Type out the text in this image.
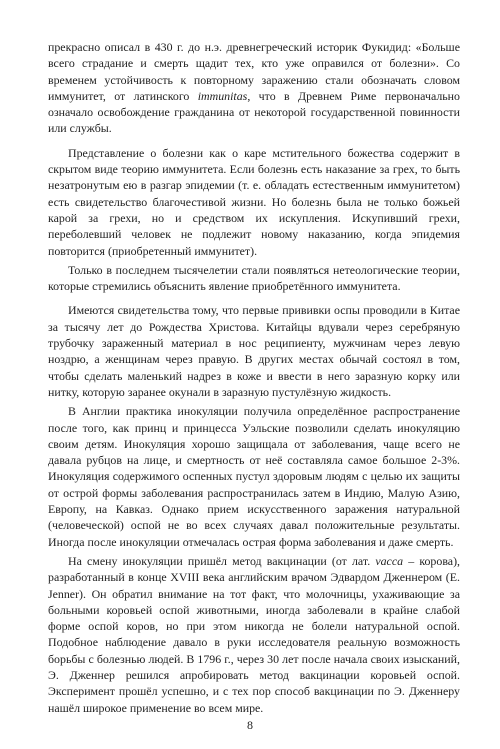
прекрасно описал в 430 г. до н.э. древнегреческий историк Фукидид: «Больше всего страдание и смерть щадит тех, кто уже оправился от болезни». Со временем устойчивость к повторному заражению стали обозначать словом иммунитет, от латинского immunitas, что в Древнем Риме первоначально означало освобождение гражданина от некоторой государственной повинности или службы.

Представление о болезни как о каре мстительного божества содержит в скрытом виде теорию иммунитета. Если болезнь есть наказание за грех, то быть незатронутым ею в разгар эпидемии (т. е. обладать естественным иммунитетом) есть свидетельство благочестивой жизни. Но болезнь была не только божьей карой за грехи, но и средством их искупления. Искупивший грехи, переболевший человек не подлежит новому наказанию, когда эпидемия повторится (приобретенный иммунитет).

Только в последнем тысячелетии стали появляться нетеологические теории, которые стремились объяснить явление приобретённого иммунитета.

Имеются свидетельства тому, что первые прививки оспы проводили в Китае за тысячу лет до Рождества Христова. Китайцы вдували через серебряную трубочку зараженный материал в нос реципиенту, мужчинам через левую ноздрю, а женщинам через правую. В других местах обычай состоял в том, чтобы сделать маленький надрез в коже и ввести в него заразную корку или нитку, которую заранее окунали в заразную пустулёзную жидкость.

В Англии практика инокуляции получила определённое распространение после того, как принц и принцесса Уэльские позволили сделать инокуляцию своим детям. Инокуляция хорошо защищала от заболевания, чаще всего не давала рубцов на лице, и смертность от неё составляла самое большое 2-3%. Инокуляция содержимого оспенных пустул здоровым людям с целью их защиты от острой формы заболевания распространилась затем в Индию, Малую Азию, Европу, на Кавказ. Однако прием искусственного заражения натуральной (человеческой) оспой не во всех случаях давал положительные результаты. Иногда после инокуляции отмечалась острая форма заболевания и даже смерть.

На смену инокуляции пришёл метод вакцинации (от лат. vacca – корова), разработанный в конце XVIII века английским врачом Эдвардом Дженнером (E. Jenner). Он обратил внимание на тот факт, что молочницы, ухаживающие за больными коровьей оспой животными, иногда заболевали в крайне слабой форме оспой коров, но при этом никогда не болели натуральной оспой. Подобное наблюдение давало в руки исследователя реальную возможность борьбы с болезнью людей. В 1796 г., через 30 лет после начала своих изысканий, Э. Дженнер решился апробировать метод вакцинации коровьей оспой. Эксперимент прошёл успешно, и с тех пор способ вакцинации по Э. Дженнеру нашёл широкое применение во всем мире.

8
